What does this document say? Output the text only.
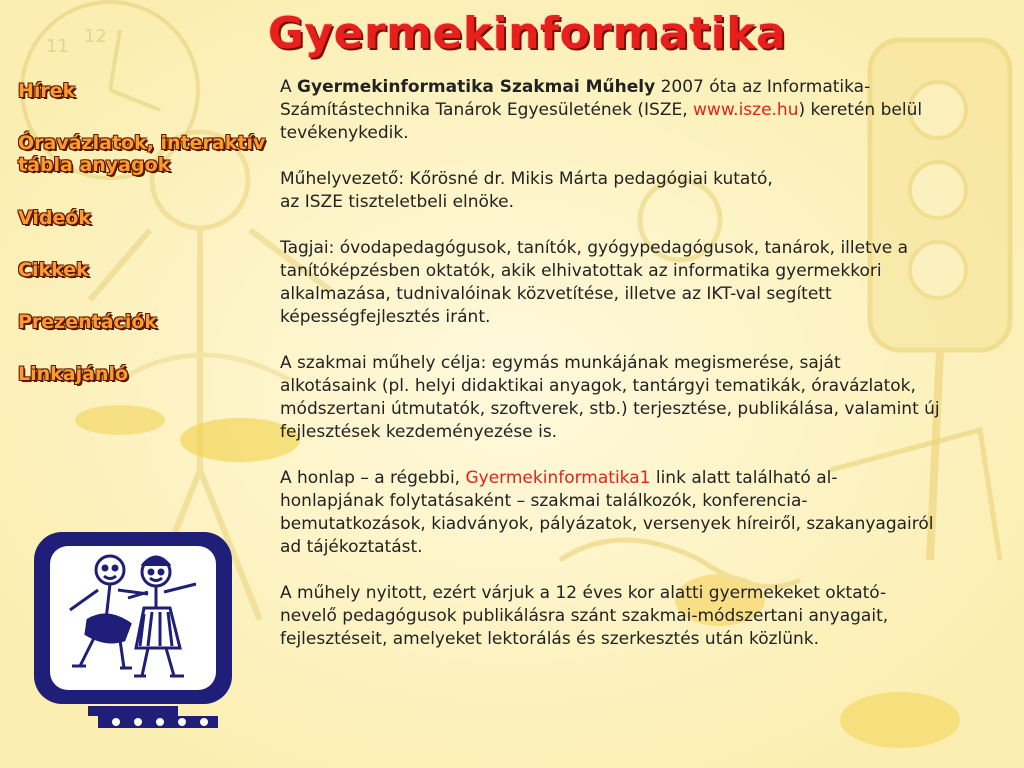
11 12	Gyermekinformatika
Hírek
Óravázlatok, interaktív tábla anyagok
Videók
Cikkek
Prezentációk
Linkajánló

A Gyermekinformatika Szakmai Műhely 2007 óta az Informatika-Számítástechnika Tanárok Egyesületének (ISZE, www.isze.hu) keretén belül tevékenykedik.

Műhelyvezető: Kőrösné dr. Mikis Márta pedagógiai kutató,
az ISZE tiszteletbeli elnöke.

Tagjai: óvodapedagógusok, tanítók, gyógypedagógusok, tanárok, illetve a tanítóképzésben oktatók, akik elhivatottak az informatika gyermekkori alkalmazása, tudnivalóinak közvetítése, illetve az IKT-val segített képességfejlesztés iránt.

A szakmai műhely célja: egymás munkájának megismerése, saját alkotásaink (pl. helyi didaktikai anyagok, tantárgyi tematikák, óravázlatok, módszertani útmutatók, szoftverek, stb.) terjesztése, publikálása, valamint új fejlesztések kezdeményezése is.

A honlap – a régebbi, Gyermekinformatika1 link alatt található al-honlapjának folytatásaként – szakmai találkozók, konferencia-bemutatkozások, kiadványok, pályázatok, versenyek híreiről, szakanyagairól ad tájékoztatást.

A műhely nyitott, ezért várjuk a 12 éves kor alatti gyermekeket oktató-nevelő pedagógusok publikálásra szánt szakmai-módszertani anyagait, fejlesztéseit, amelyeket lektorálás és szerkesztés után közlünk.
